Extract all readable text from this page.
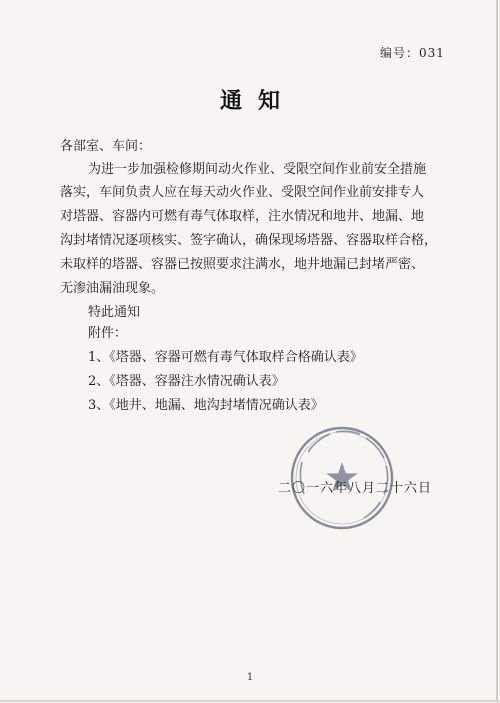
编号：031
通知
各部室、车间：
为进一步加强检修期间动火作业、受限空间作业前安全措施
落实，车间负责人应在每天动火作业、受限空间作业前安排专人
对塔器、容器内可燃有毒气体取样，注水情况和地井、地漏、地
沟封堵情况逐项核实、签字确认，确保现场塔器、容器取样合格，
未取样的塔器、容器已按照要求注满水，地井地漏已封堵严密、
无渗油漏油现象。
特此通知
附件：
1、《塔器、容器可燃有毒气体取样合格确认表》
2、《塔器、容器注水情况确认表》
3、《地井、地漏、地沟封堵情况确认表》
二〇一六年八月二十六日
1
